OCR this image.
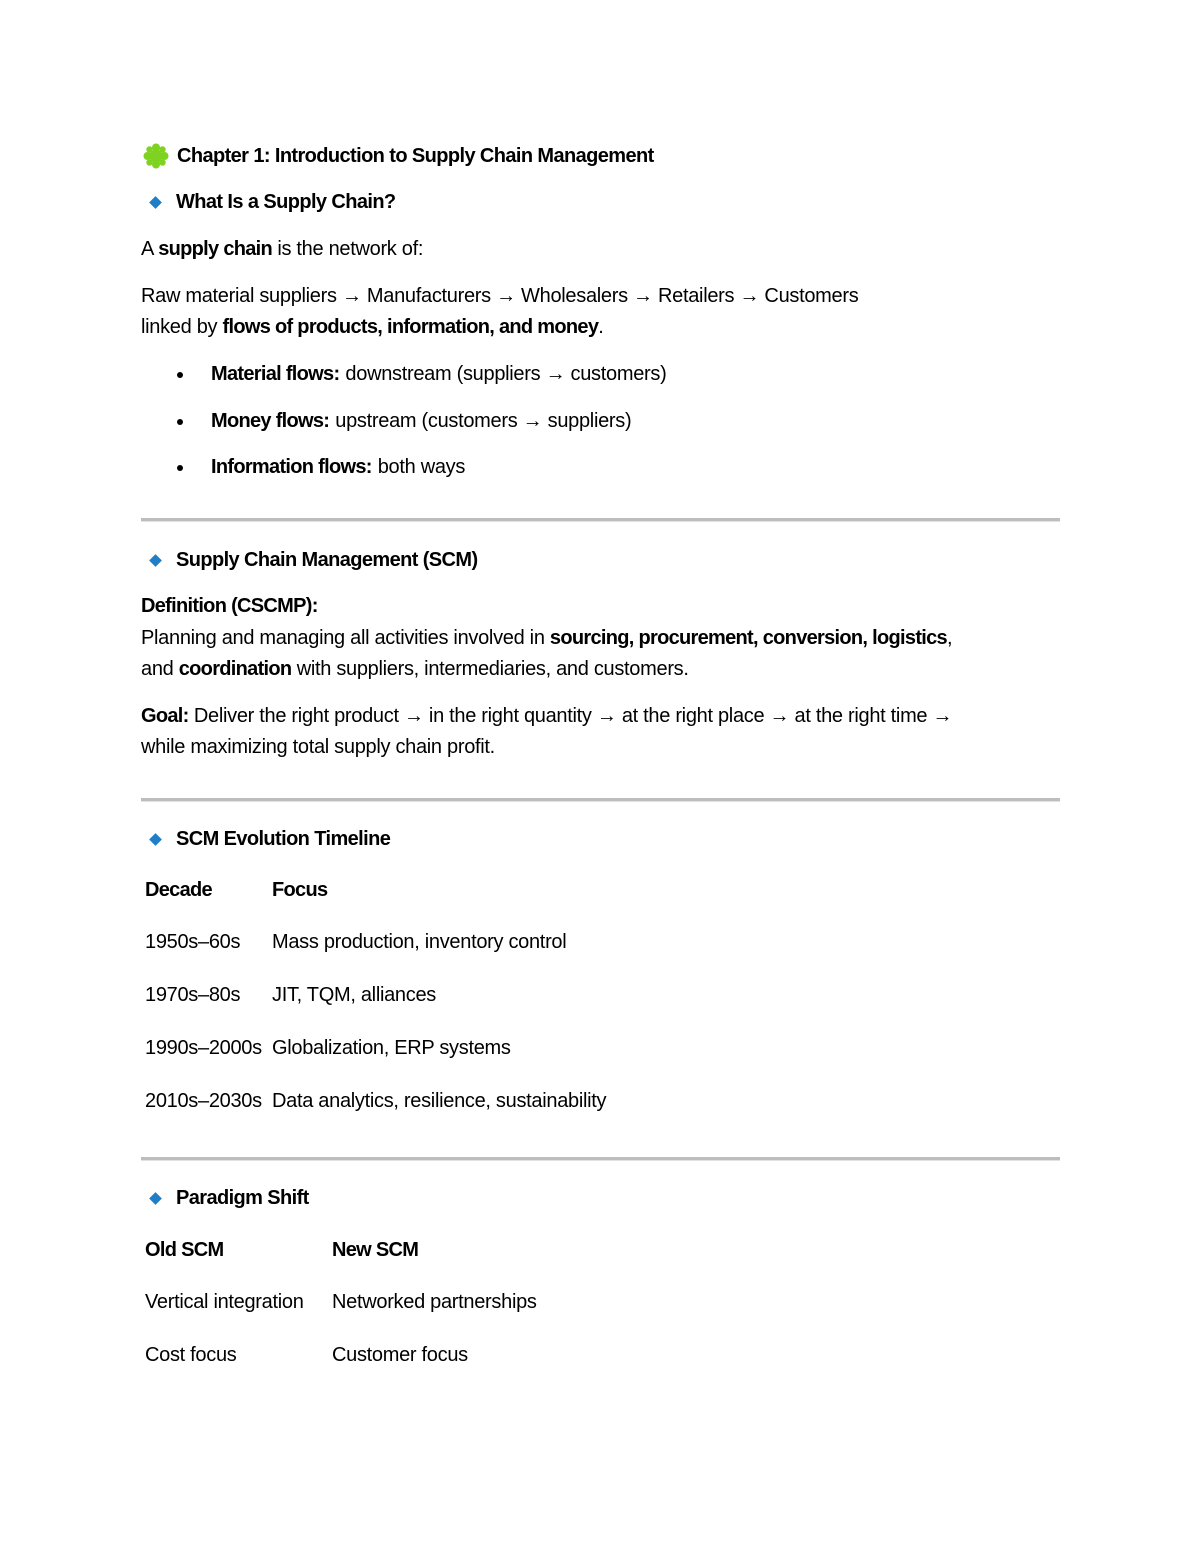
Chapter 1: Introduction to Supply Chain Management
What Is a Supply Chain?
A supply chain is the network of:
Raw material suppliers → Manufacturers → Wholesalers → Retailers → Customers
linked by flows of products, information, and money.
Material flows: downstream (suppliers → customers)
Money flows: upstream (customers → suppliers)
Information flows: both ways
Supply Chain Management (SCM)
Definition (CSCMP):
Planning and managing all activities involved in sourcing, procurement, conversion, logistics,
and coordination with suppliers, intermediaries, and customers.
Goal: Deliver the right product → in the right quantity → at the right place → at the right time →
while maximizing total supply chain profit.
SCM Evolution Timeline
Decade	Focus
1950s–60s	Mass production, inventory control
1970s–80s	JIT, TQM, alliances
1990s–2000s	Globalization, ERP systems
2010s–2030s	Data analytics, resilience, sustainability
Paradigm Shift
Old SCM	New SCM
Vertical integration	Networked partnerships
Cost focus	Customer focus
